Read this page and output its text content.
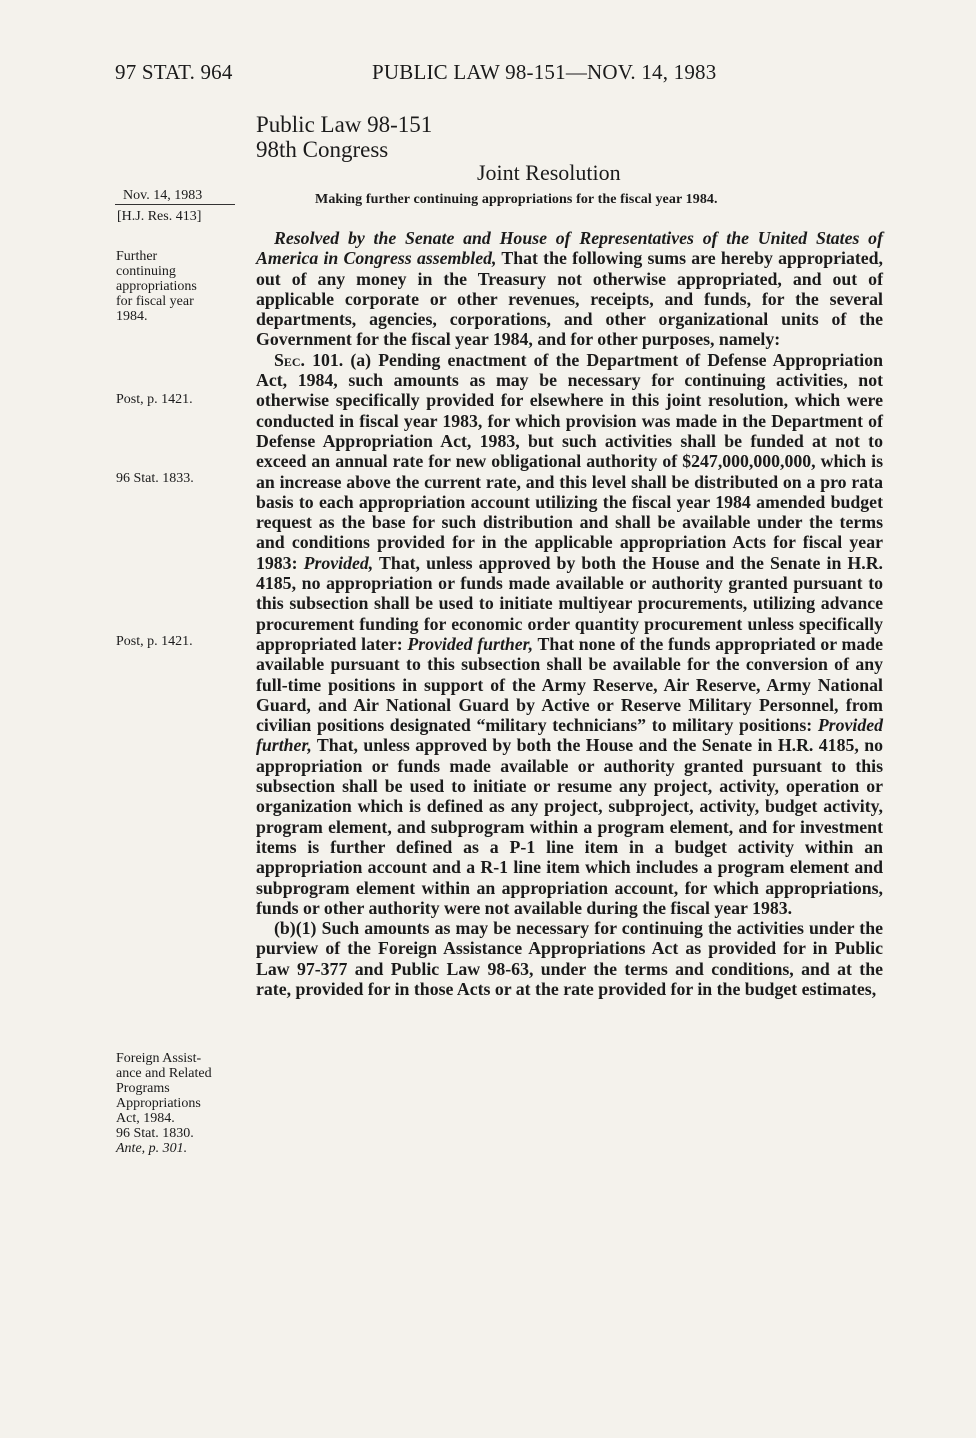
97 STAT. 964	PUBLIC LAW 98-151—NOV. 14, 1983
Public Law 98-151
98th Congress
Joint Resolution
Making further continuing appropriations for the fiscal year 1984.
Nov. 14, 1983
[H.J. Res. 413]
Further
continuing
appropriations
for fiscal year
1984.
Post, p. 1421.
96 Stat. 1833.
Post, p. 1421.
Foreign Assist-
ance and Related
Programs
Appropriations
Act, 1984.
96 Stat. 1830.
Ante, p. 301.

Resolved by the Senate and House of Representatives of the United States of America in Congress assembled, That the following sums are hereby appropriated, out of any money in the Treasury not otherwise appropriated, and out of applicable corporate or other revenues, receipts, and funds, for the several departments, agencies, corporations, and other organizational units of the Government for the fiscal year 1984, and for other purposes, namely:

Sec. 101. (a) Pending enactment of the Department of Defense Appropriation Act, 1984, such amounts as may be necessary for continuing activities, not otherwise specifically provided for elsewhere in this joint resolution, which were conducted in fiscal year 1983, for which provision was made in the Department of Defense Appropriation Act, 1983, but such activities shall be funded at not to exceed an annual rate for new obligational authority of $247,000,000,000, which is an increase above the current rate, and this level shall be distributed on a pro rata basis to each appropriation account utilizing the fiscal year 1984 amended budget request as the base for such distribution and shall be available under the terms and conditions provided for in the applicable appropriation Acts for fiscal year 1983: Provided, That, unless approved by both the House and the Senate in H.R. 4185, no appropriation or funds made available or authority granted pursuant to this subsection shall be used to initiate multiyear procurements, utilizing advance procurement funding for economic order quantity procurement unless specifically appropriated later: Provided further, That none of the funds appropriated or made available pursuant to this subsection shall be available for the conversion of any full-time positions in support of the Army Reserve, Air Reserve, Army National Guard, and Air National Guard by Active or Reserve Military Personnel, from civilian positions designated “military technicians” to military positions: Provided further, That, unless approved by both the House and the Senate in H.R. 4185, no appropriation or funds made available or authority granted pursuant to this subsection shall be used to initiate or resume any project, activity, operation or organization which is defined as any project, subproject, activity, budget activity, program element, and subprogram within a program element, and for investment items is further defined as a P-1 line item in a budget activity within an appropriation account and a R-1 line item which includes a program element and subprogram element within an appropriation account, for which appropriations, funds or other authority were not available during the fiscal year 1983.

(b)(1) Such amounts as may be necessary for continuing the activities under the purview of the Foreign Assistance Appropriations Act as provided for in Public Law 97-377 and Public Law 98-63, under the terms and conditions, and at the rate, provided for in those Acts or at the rate provided for in the budget estimates,
